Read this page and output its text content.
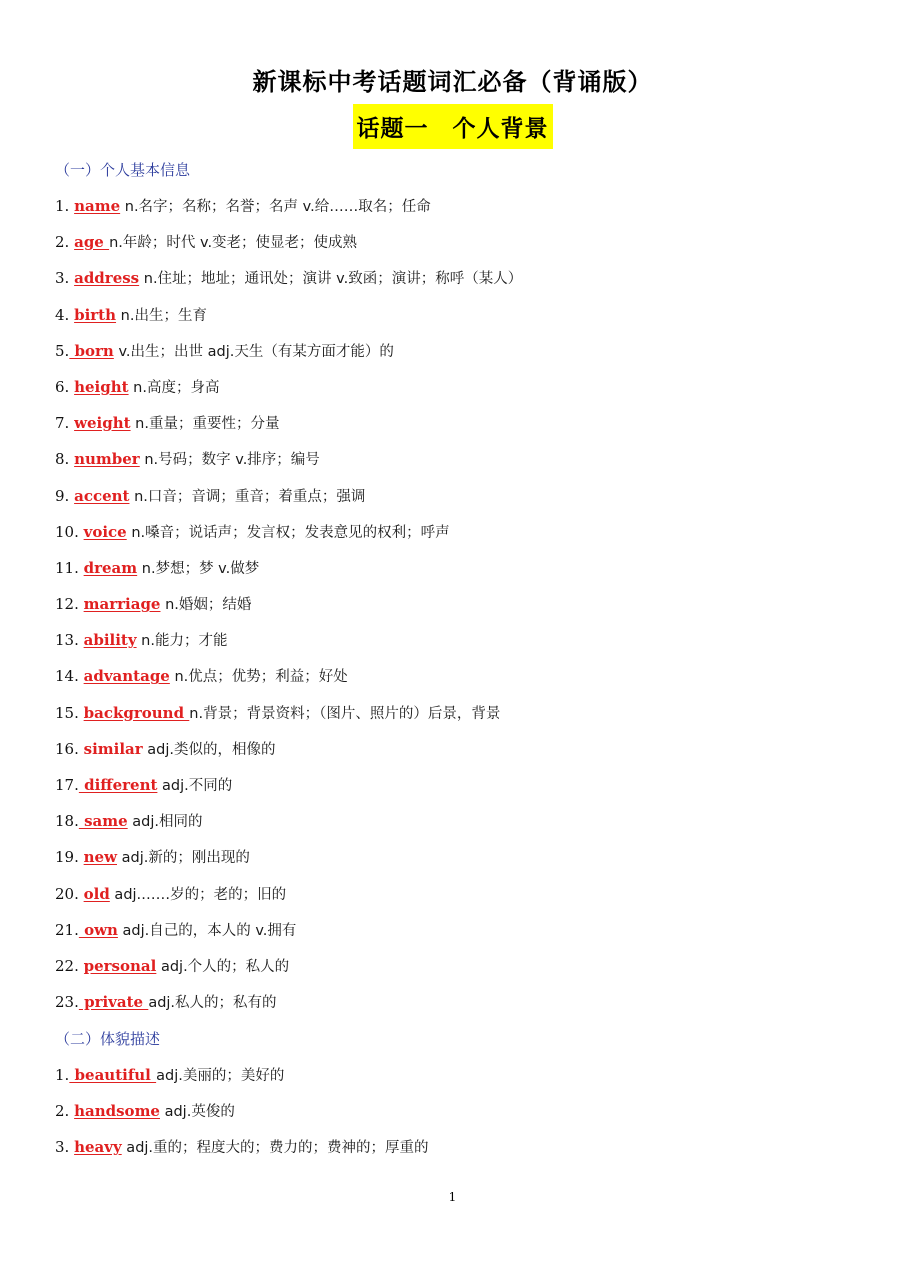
新课标中考话题词汇必备（背诵版）
话题一　个人背景
（一）个人基本信息
1. name n.名字；名称；名誉；名声 v.给……取名；任命
2. age n.年龄；时代 v.变老；使显老；使成熟
3. address n.住址；地址；通讯处；演讲 v.致函；演讲；称呼（某人）
4. birth n.出生；生育
5. born v.出生；出世 adj.天生（有某方面才能）的
6. height n.高度；身高
7. weight n.重量；重要性；分量
8. number n.号码；数字 v.排序；编号
9. accent n.口音；音调；重音；着重点；强调
10. voice n.嗓音；说话声；发言权；发表意见的权利；呼声
11. dream n.梦想；梦 v.做梦
12. marriage n.婚姻；结婚
13. ability n.能力；才能
14. advantage n.优点；优势；利益；好处
15. background n.背景；背景资料；（图片、照片的）后景，背景
16. similar adj.类似的，相像的
17. different adj.不同的
18. same adj.相同的
19. new adj.新的；刚出现的
20. old adj.……岁的；老的；旧的
21. own adj.自己的，本人的 v.拥有
22. personal adj.个人的；私人的
23. private adj.私人的；私有的
（二）体貌描述
1. beautiful adj.美丽的；美好的
2. handsome adj.英俊的
3. heavy adj.重的；程度大的；费力的；费神的；厚重的
1
